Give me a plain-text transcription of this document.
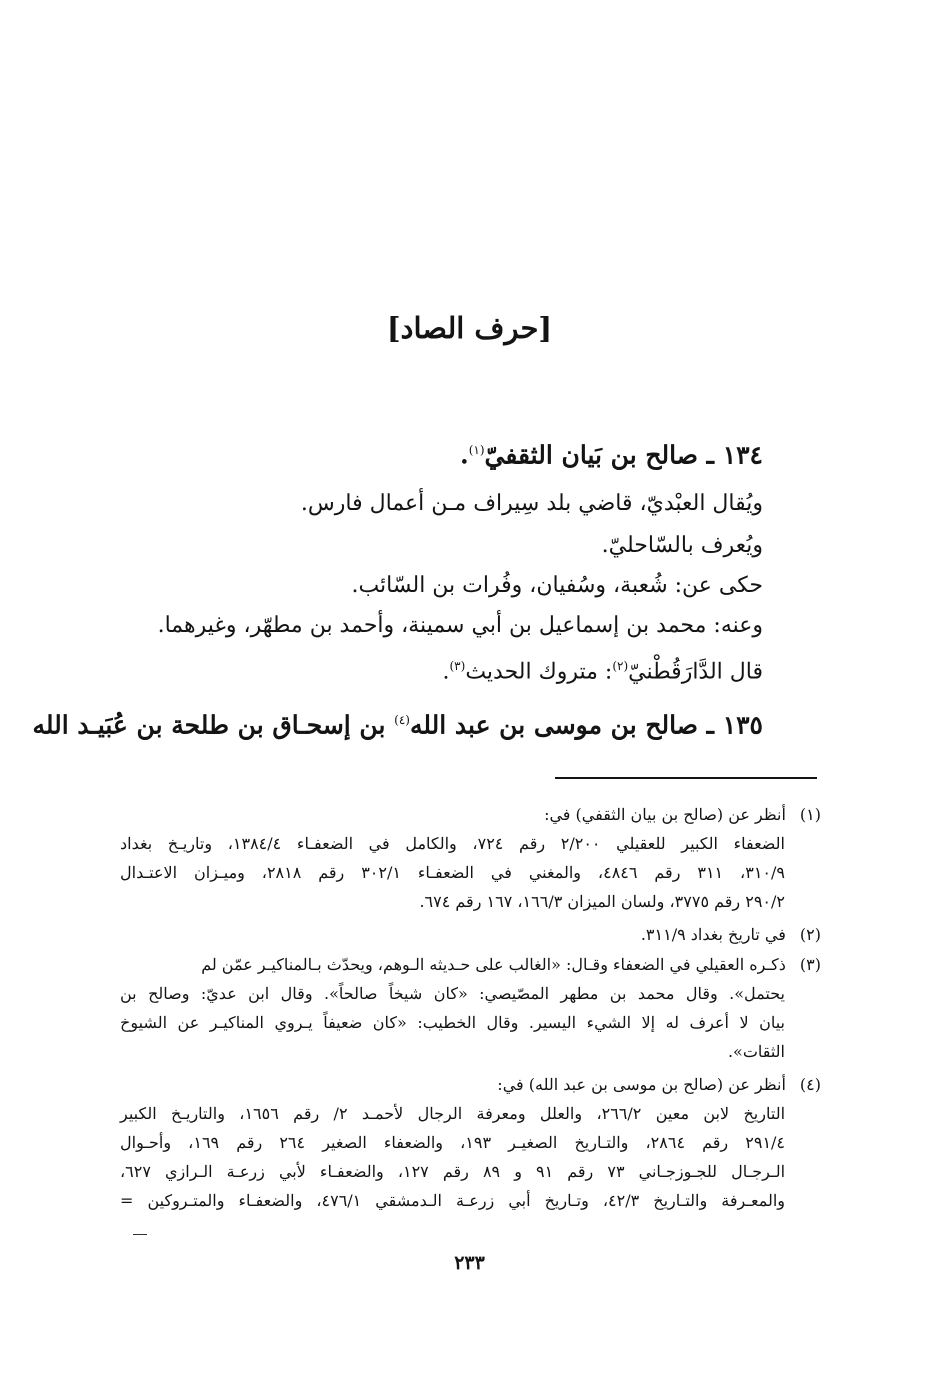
[حرف الصاد]
١٣٤ ـ صالح بن بَيان الثقفيّ$^{(١)}$.
ويُقال العبْديّ، قاضي بلد سِيراف مـن أعمال فارس.
ويُعرف بالسّاحليّ.
حكى عن: شُعبة، وسُفيان، وفُرات بن السّائب.
وعنه: محمد بن إسماعيل بن أبي سمينة، وأحمد بن مطهّر، وغيرهما.
قال الدَّارَقُطْنيّ$^{(٢)}$: متروك الحديث$^{(٣)}$.
١٣٥ ـ صالح بن موسى بن عبد الله$^{(٤)}$ بن إسحـاق بن طلحة بن عُبَيـد الله
(١) أنظر عن (صالح بن بيان الثقفي) في:
الضعفاء الكبير للعقيلي ٢/٢٠٠ رقم ٧٢٤، والكامل في الضعفـاء ١٣٨٤/٤، وتاريـخ بغداد
٣١٠/٩، ٣١١ رقم ٤٨٤٦، والمغني في الضعفـاء ٣٠٢/١ رقم ٢٨١٨، وميـزان الاعتـدال
٢٩٠/٢ رقم ٣٧٧٥، ولسان الميزان ١٦٦/٣، ١٦٧ رقم ٦٧٤.
(٢) في تاريخ بغداد ٣١١/٩.
(٣) ذكـره العقيلي في الضعفاء وقـال: «الغالب على حـديثه الـوهم، ويحدّث بـالمناكيـر عمّن لم
يحتمل». وقال محمد بن مطهر المصّيصي: «كان شيخاً صالحاً». وقال ابن عديّ: وصالح بن
بيان لا أعرف له إلا الشيء اليسير. وقال الخطيب: «كان ضعيفاً يـروي المناكيـر عن الشيوخ
الثقات».
(٤) أنظر عن (صالح بن موسى بن عبد الله) في:
التاريخ لابن معين ٢٦٦/٢، والعلل ومعرفة الرجال لأحمـد ٢/ رقم ١٦٥٦، والتاريـخ الكبير
٢٩١/٤ رقم ٢٨٦٤، والتـاريخ الصغيـر ١٩٣، والضعفاء الصغير ٢٦٤ رقم ١٦٩، وأحـوال
الـرجـال للجـوزجـاني ٧٣ رقم ٩١ و ٨٩ رقم ١٢٧، والضعفـاء لأبي زرعـة الـرازي ٦٢٧،
والمعـرفة والتـاريخ ٤٢/٣، وتـاريخ أبي زرعـة الـدمشقي ٤٧٦/١، والضعفـاء والمتـروكين =
٢٣٣
